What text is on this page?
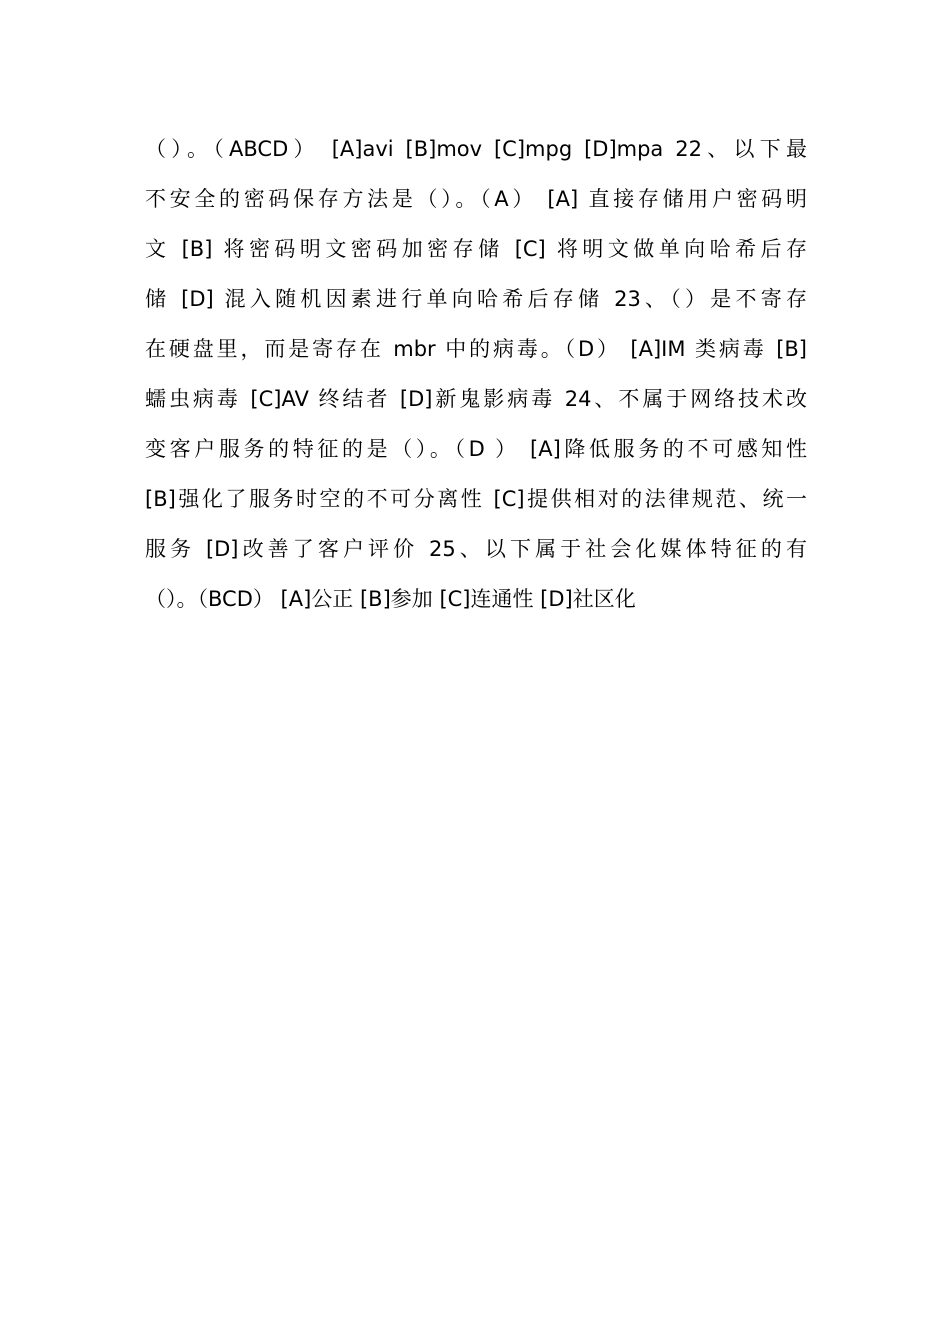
（）。（ABCD） [A]avi [B]mov [C]mpg [D]mpa 22、以下最
不安全的密码保存方法是（）。（A） [A] 直接存储用户密码明
文 [B] 将密码明文密码加密存储 [C] 将明文做单向哈希后存
储 [D] 混入随机因素进行单向哈希后存储 23、（）是不寄存
在硬盘里，而是寄存在 mbr 中的病毒。（D） [A]IM 类病毒 [B]
蠕虫病毒 [C]AV 终结者 [D]新鬼影病毒 24、不属于网络技术改
变客户服务的特征的是（）。（D ） [A]降低服务的不可感知性
[B]强化了服务时空的不可分离性 [C]提供相对的法律规范、统一
服务 [D]改善了客户评价 25、以下属于社会化媒体特征的有
（）。（BCD） [A]公正 [B]参加 [C]连通性 [D]社区化
